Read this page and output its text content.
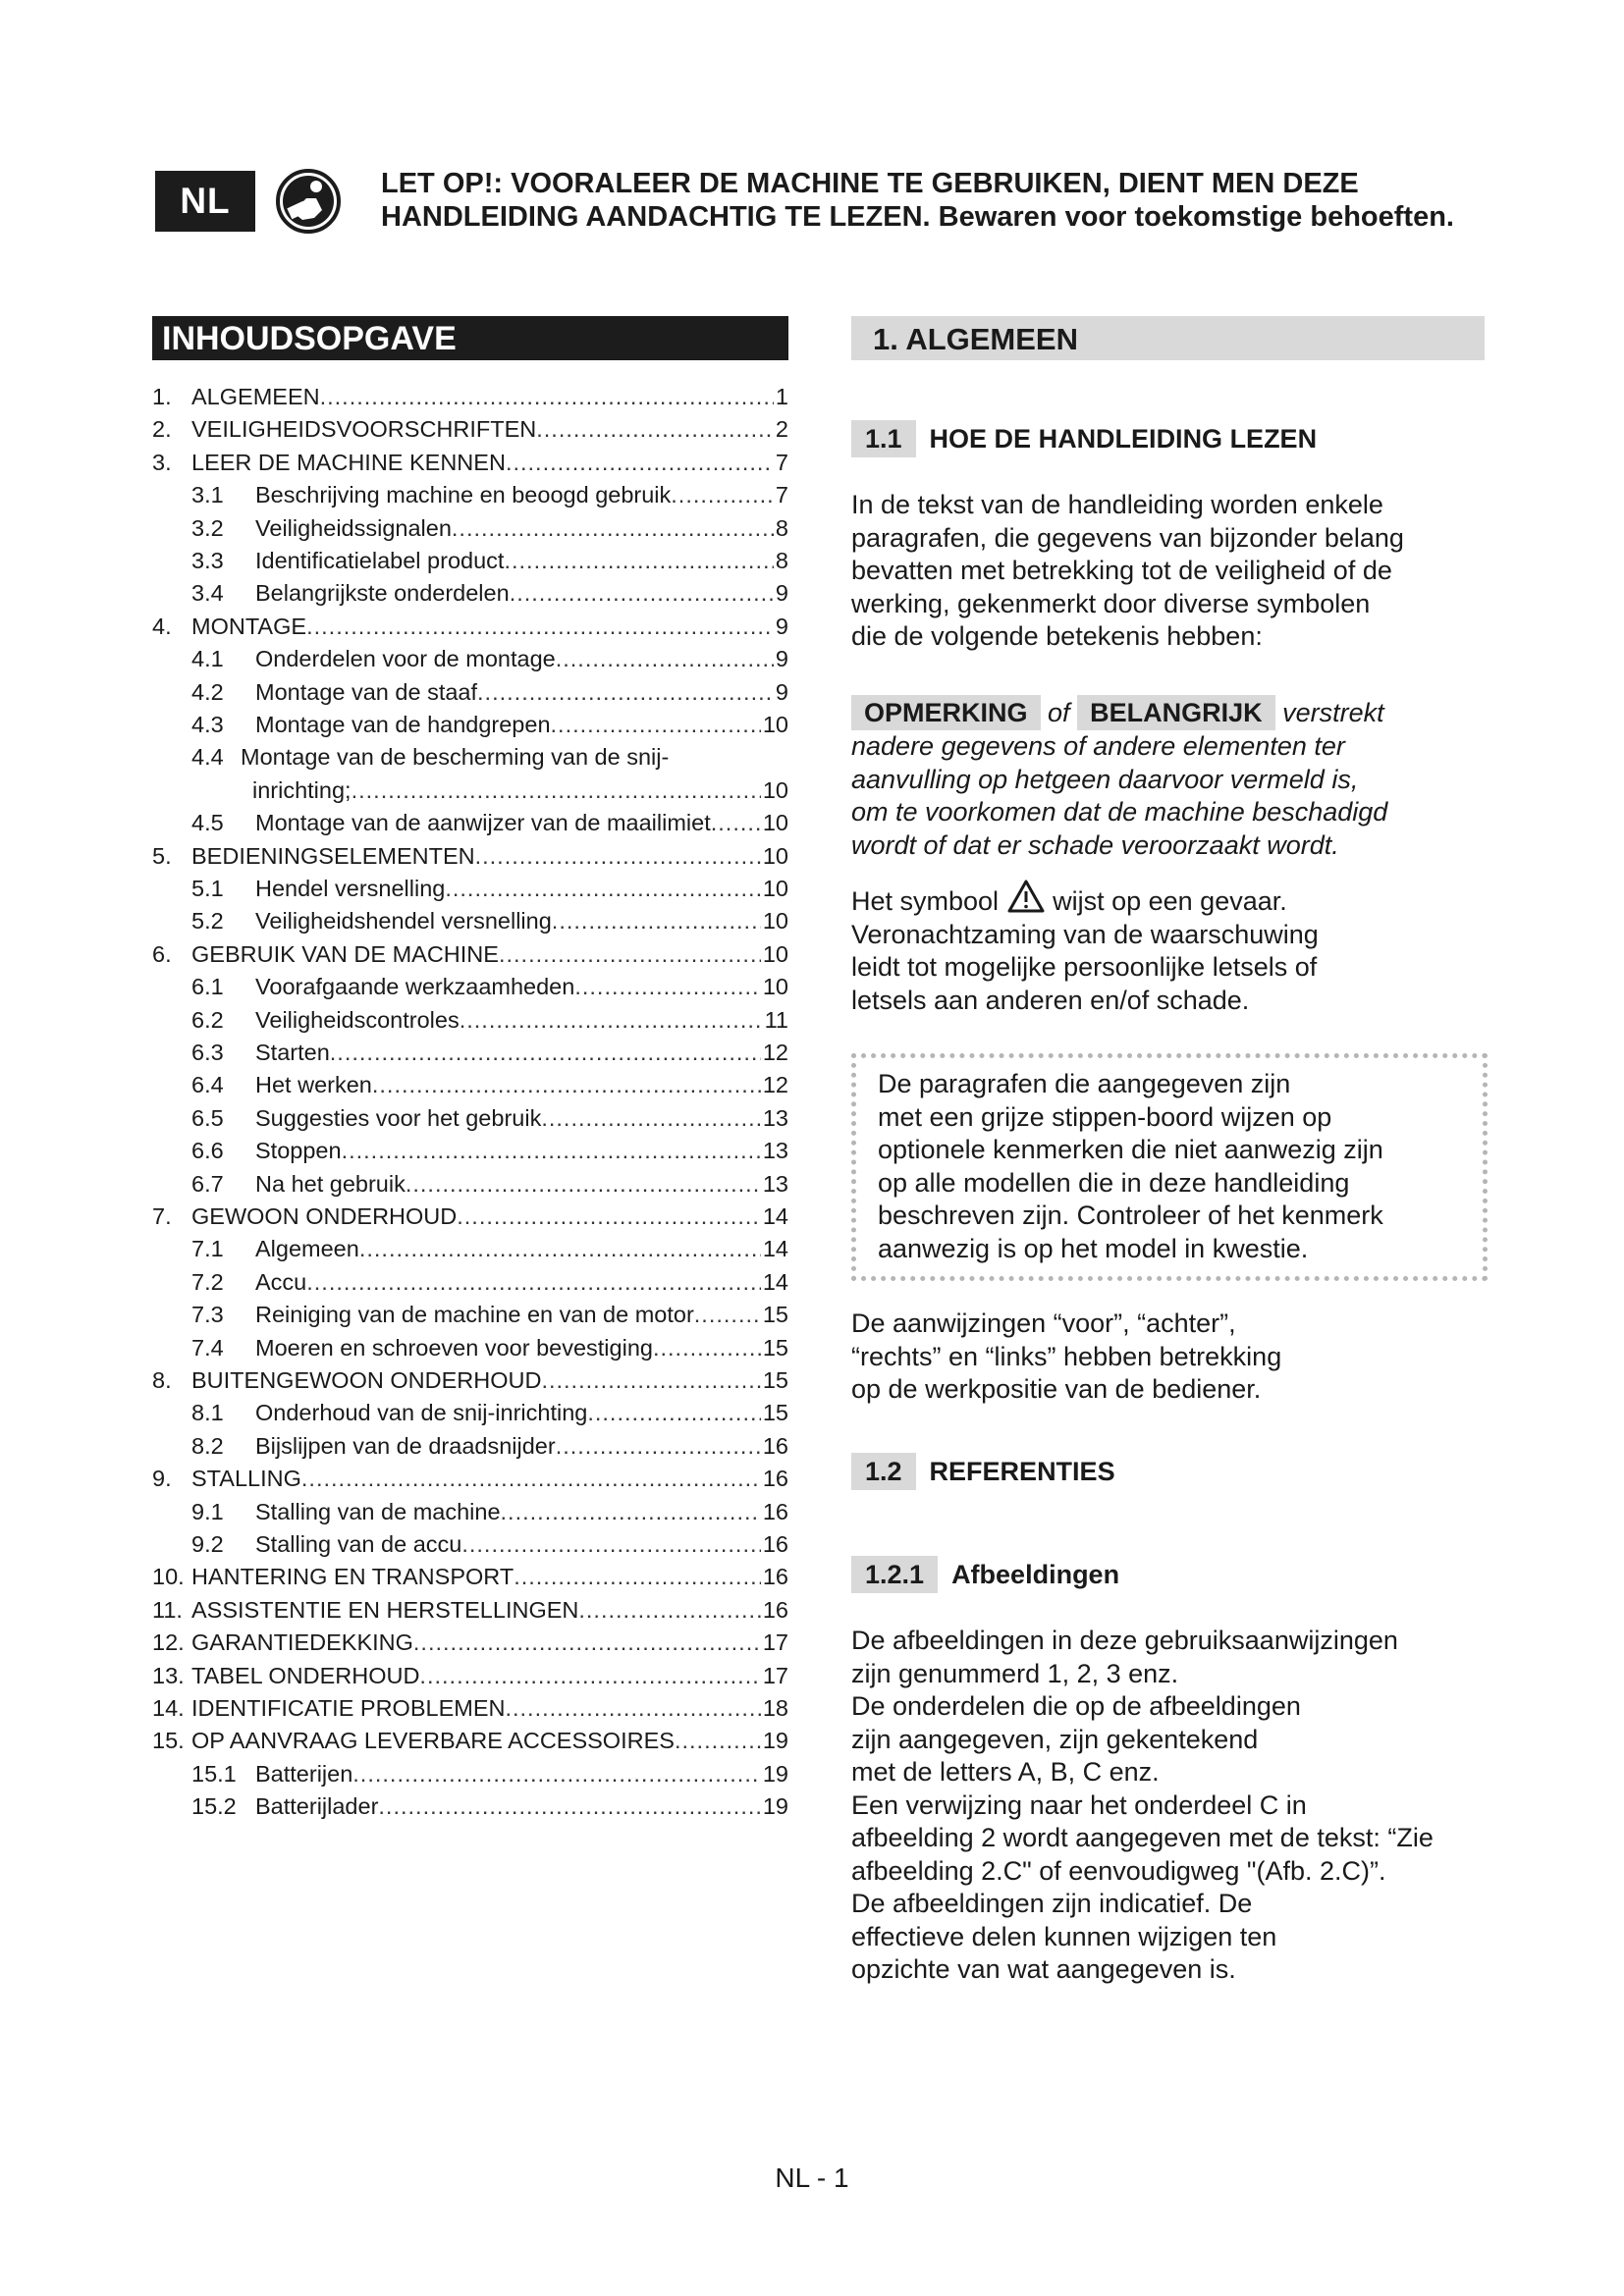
NL	LET OP!: VOORALEER DE MACHINE TE GEBRUIKEN, DIENT MEN DEZE
HANDLEIDING AANDACHTIG TE LEZEN. Bewaren voor toekomstige behoeften.
INHOUDSOPGAVE
1. ALGEMEEN .....	1
2. VEILIGHEIDSVOORSCHRIFTEN .....	2
3. LEER DE MACHINE KENNEN .....	7
3.1	Beschrijving machine en beoogd gebruik .....	7
3.2	Veiligheidssignalen .....	8
3.3	Identificatielabel product .....	8
3.4	Belangrijkste onderdelen .....	9
4. MONTAGE .....	9
4.1	Onderdelen voor de montage .....	9
4.2	Montage van de staaf .....	9
4.3	Montage van de handgrepen .....	10
4.4 Montage van de bescherming van de snij-
inrichting; .....	10
4.5	Montage van de aanwijzer van de maailimiet ..... 10
5. BEDIENINGSELEMENTEN .....	10
5.1	Hendel versnelling .....	10
5.2	Veiligheidshendel versnelling .....	10
6. GEBRUIK VAN DE MACHINE .....	10
6.1	Voorafgaande werkzaamheden .....	10
6.2	Veiligheidscontroles .....	11
6.3	Starten .....	12
6.4	Het werken .....	12
6.5	Suggesties voor het gebruik .....	13
6.6	Stoppen .....	13
6.7	Na het gebruik .....	13
7. GEWOON ONDERHOUD .....	14
7.1	Algemeen .....	14
7.2	Accu .....	14
7.3	Reiniging van de machine en van de motor .....	15
7.4	Moeren en schroeven voor bevestiging .....	15
8. BUITENGEWOON ONDERHOUD .....	15
8.1	Onderhoud van de snij-inrichting .....	15
8.2	Bijslijpen van de draadsnijder .....	16
9. STALLING .....	16
9.1	Stalling van de machine .....	16
9.2	Stalling van de accu .....	16
10. HANTERING EN TRANSPORT .....	16
11. ASSISTENTIE EN HERSTELLINGEN .....	16
12. GARANTIEDEKKING .....	17
13. TABEL ONDERHOUD .....	17
14. IDENTIFICATIE PROBLEMEN .....	18
15. OP AANVRAAG LEVERBARE ACCESSOIRES .....	19
15.1 Batterijen .....	19
15.2 Batterijlader .....	19
1. ALGEMEEN
1.1	HOE DE HANDLEIDING LEZEN
In de tekst van de handleiding worden enkele
paragrafen, die gegevens van bijzonder belang
bevatten met betrekking tot de veiligheid of de
werking, gekenmerkt door diverse symbolen
die de volgende betekenis hebben:
OPMERKING of BELANGRIJK verstrekt
nadere gegevens of andere elementen ter
aanvulling op hetgeen daarvoor vermeld is,
om te voorkomen dat de machine beschadigd
wordt of dat er schade veroorzaakt wordt.
Het symbool wijst op een gevaar.
Veronachtzaming van de waarschuwing
leidt tot mogelijke persoonlijke letsels of
letsels aan anderen en/of schade.
De paragrafen die aangegeven zijn
met een grijze stippen-boord wijzen op
optionele kenmerken die niet aanwezig zijn
op alle modellen die in deze handleiding
beschreven zijn. Controleer of het kenmerk
aanwezig is op het model in kwestie.
De aanwijzingen “voor”, “achter”,
“rechts” en “links” hebben betrekking
op de werkpositie van de bediener.
1.2	REFERENTIES
1.2.1	Afbeeldingen
De afbeeldingen in deze gebruiksaanwijzingen
zijn genummerd 1, 2, 3 enz.
De onderdelen die op de afbeeldingen
zijn aangegeven, zijn gekentekend
met de letters A, B, C enz.
Een verwijzing naar het onderdeel C in
afbeelding 2 wordt aangegeven met de tekst: “Zie
afbeelding 2.C" of eenvoudigweg "(Afb. 2.C)”.
De afbeeldingen zijn indicatief. De
effectieve delen kunnen wijzigen ten
opzichte van wat aangegeven is.
NL - 1
